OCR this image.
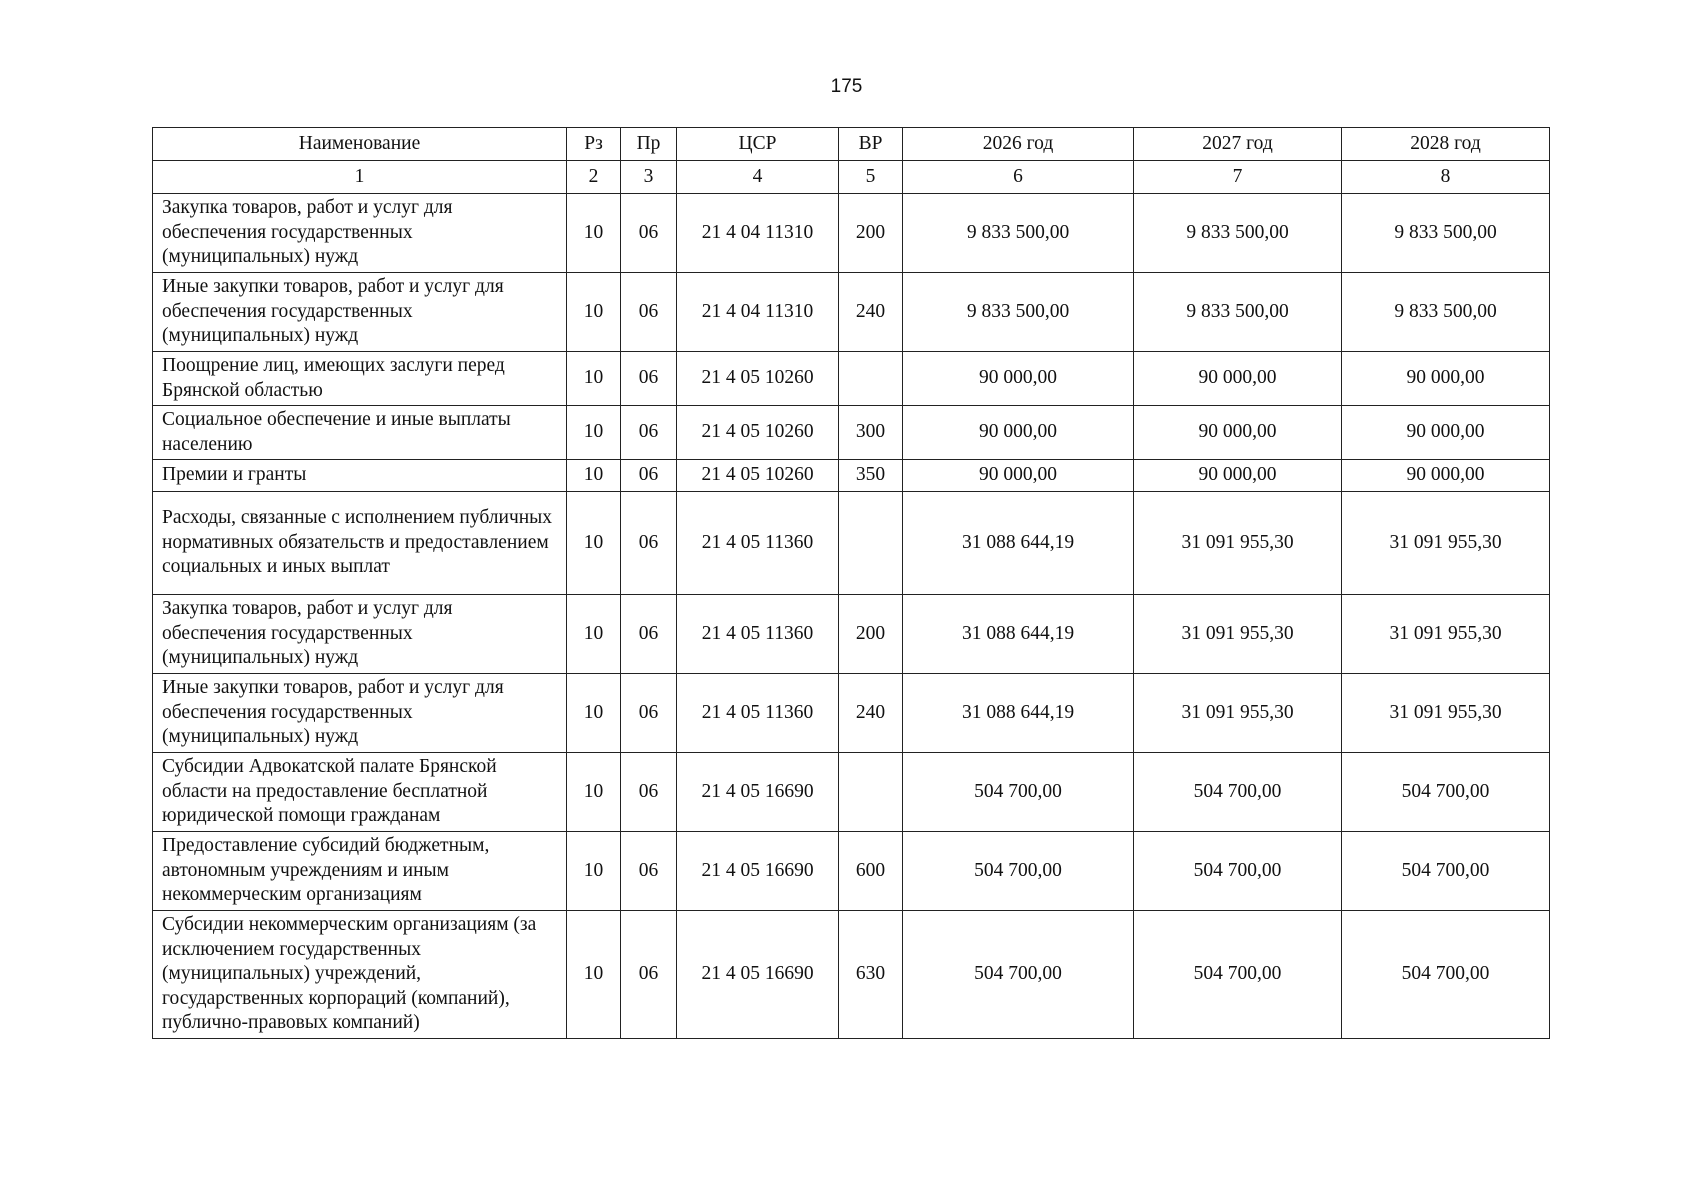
175
Наименование	Рз	Пр	ЦСР	ВР	2026 год	2027 год	2028 год
1	2	3	4	5	6	7	8
Закупка товаров, работ и услуг для обеспечения государственных (муниципальных) нужд	10	06	21 4 04 11310	200	9 833 500,00	9 833 500,00	9 833 500,00
Иные закупки товаров, работ и услуг для обеспечения государственных (муниципальных) нужд	10	06	21 4 04 11310	240	9 833 500,00	9 833 500,00	9 833 500,00
Поощрение лиц, имеющих заслуги перед Брянской областью	10	06	21 4 05 10260		90 000,00	90 000,00	90 000,00
Социальное обеспечение и иные выплаты населению	10	06	21 4 05 10260	300	90 000,00	90 000,00	90 000,00
Премии и гранты	10	06	21 4 05 10260	350	90 000,00	90 000,00	90 000,00
Расходы, связанные с исполнением публичных нормативных обязательств и предоставлением социальных и иных выплат	10	06	21 4 05 11360		31 088 644,19	31 091 955,30	31 091 955,30
Закупка товаров, работ и услуг для обеспечения государственных (муниципальных) нужд	10	06	21 4 05 11360	200	31 088 644,19	31 091 955,30	31 091 955,30
Иные закупки товаров, работ и услуг для обеспечения государственных (муниципальных) нужд	10	06	21 4 05 11360	240	31 088 644,19	31 091 955,30	31 091 955,30
Субсидии Адвокатской палате Брянской области на предоставление бесплатной юридической помощи гражданам	10	06	21 4 05 16690		504 700,00	504 700,00	504 700,00
Предоставление субсидий бюджетным, автономным учреждениям и иным некоммерческим организациям	10	06	21 4 05 16690	600	504 700,00	504 700,00	504 700,00
Субсидии некоммерческим организациям (за исключением государственных (муниципальных) учреждений, государственных корпораций (компаний), публично-правовых компаний)	10	06	21 4 05 16690	630	504 700,00	504 700,00	504 700,00
